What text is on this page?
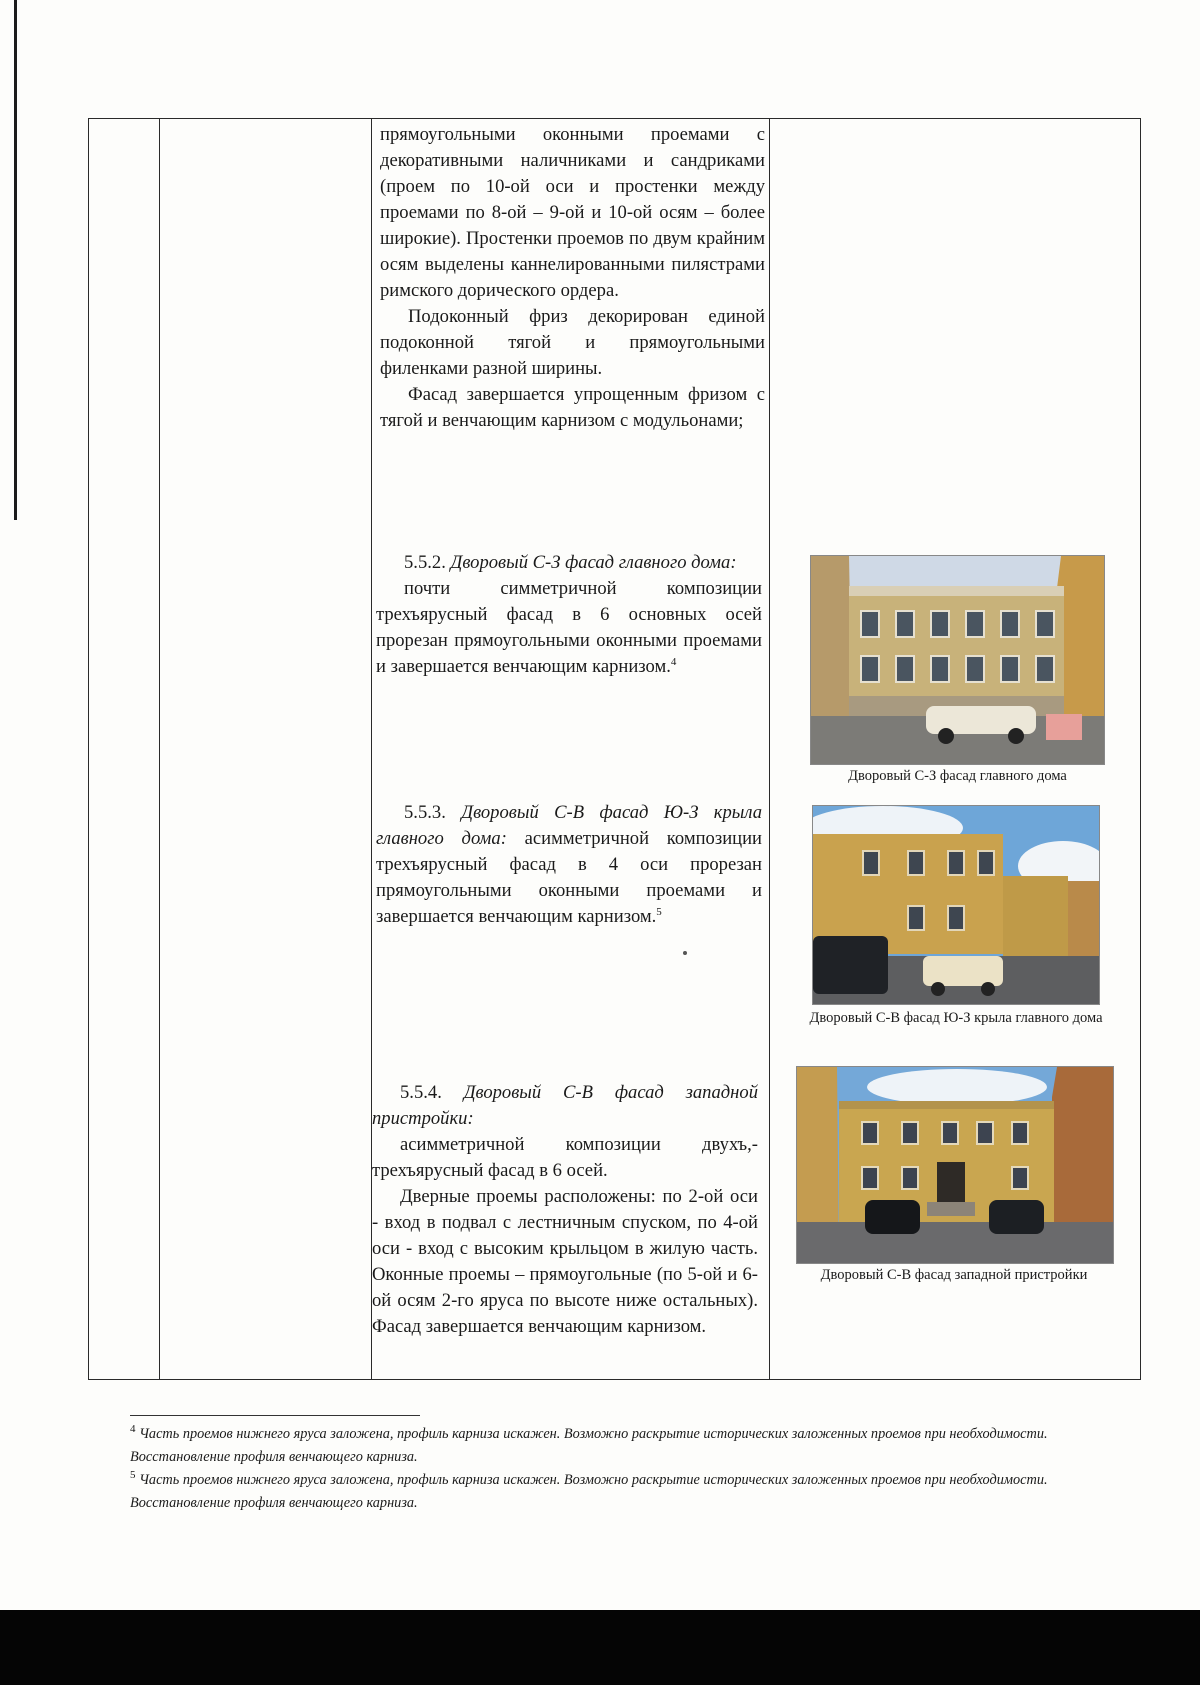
прямоугольными оконными проемами с декоративными наличниками и сандриками (проем по 10-ой оси и простенки между проемами по 8-ой – 9-ой и 10-ой осям – более широкие). Простенки проемов по двум крайним осям выделены каннелированными пилястрами римского дорического ордера.

Подоконный фриз декорирован единой подоконной тягой и прямоугольными филенками разной ширины.

Фасад завершается упрощенным фризом с тягой и венчающим карнизом с модульонами;

5.5.2. Дворовый С-З фасад главного дома:

почти симметричной композиции трехъярусный фасад в 6 основных осей прорезан прямоугольными оконными проемами и завершается венчающим карнизом.$^4$

Дворовый С-З фасад главного дома

5.5.3. Дворовый С-В фасад Ю-З крыла главного дома: асимметричной композиции трехъярусный фасад в 4 оси прорезан прямоугольными оконными проемами и завершается венчающим карнизом.$^5$

Дворовый С-В фасад Ю-З крыла главного дома

5.5.4. Дворовый С-В фасад западной пристройки:

асимметричной композиции двухъ,- трехъярусный фасад в 6 осей.

Дверные проемы расположены: по 2-ой оси - вход в подвал с лестничным спуском, по 4-ой оси - вход с высоким крыльцом в жилую часть. Оконные проемы – прямоугольные (по 5-ой и 6-ой осям 2-го яруса по высоте ниже остальных). Фасад завершается венчающим карнизом.

Дворовый С-В фасад западной пристройки

$^4$ Часть проемов нижнего яруса заложена, профиль карниза искажен. Возможно раскрытие исторических заложенных проемов при необходимости. Восстановление профиля венчающего карниза.

$^5$ Часть проемов нижнего яруса заложена, профиль карниза искажен. Возможно раскрытие исторических заложенных проемов при необходимости. Восстановление профиля венчающего карниза.
